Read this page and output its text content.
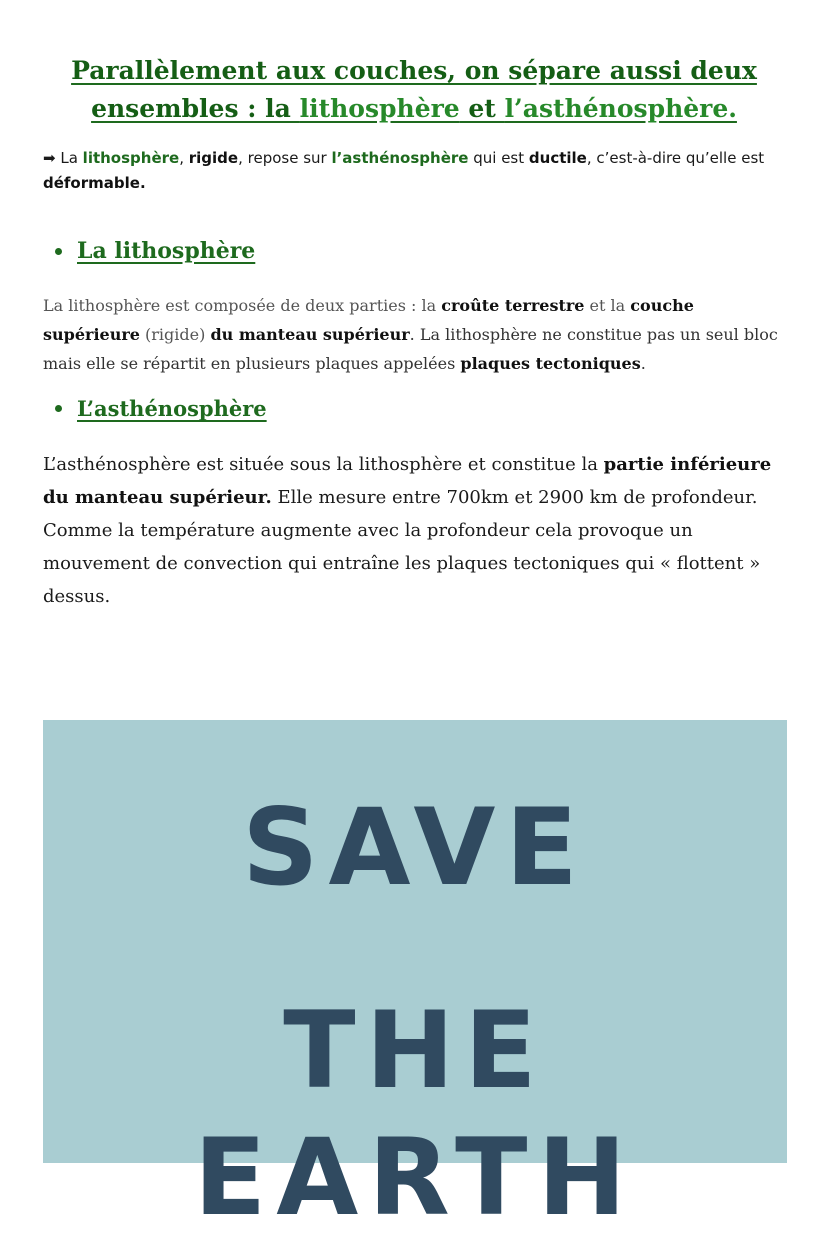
Parallèlement aux couches, on sépare aussi deux ensembles : la lithosphère et l’asthénosphère.

➡ La lithosphère, rigide, repose sur l’asthénosphère qui est ductile, c’est-à-dire qu’elle est déformable.

La lithosphère

La lithosphère est composée de deux parties : la croûte terrestre et la couche supérieure (rigide) du manteau supérieur. La lithosphère ne constitue pas un seul bloc mais elle se répartit en plusieurs plaques appelées plaques tectoniques.

L’asthénosphère

L’asthénosphère est située sous la lithosphère et constitue la partie inférieure du manteau supérieur. Elle mesure entre 700km et 2900 km de profondeur. Comme la température augmente avec la profondeur cela provoque un mouvement de convection qui entraîne les plaques tectoniques qui « flottent » dessus.

SAVE
THE
EARTH
